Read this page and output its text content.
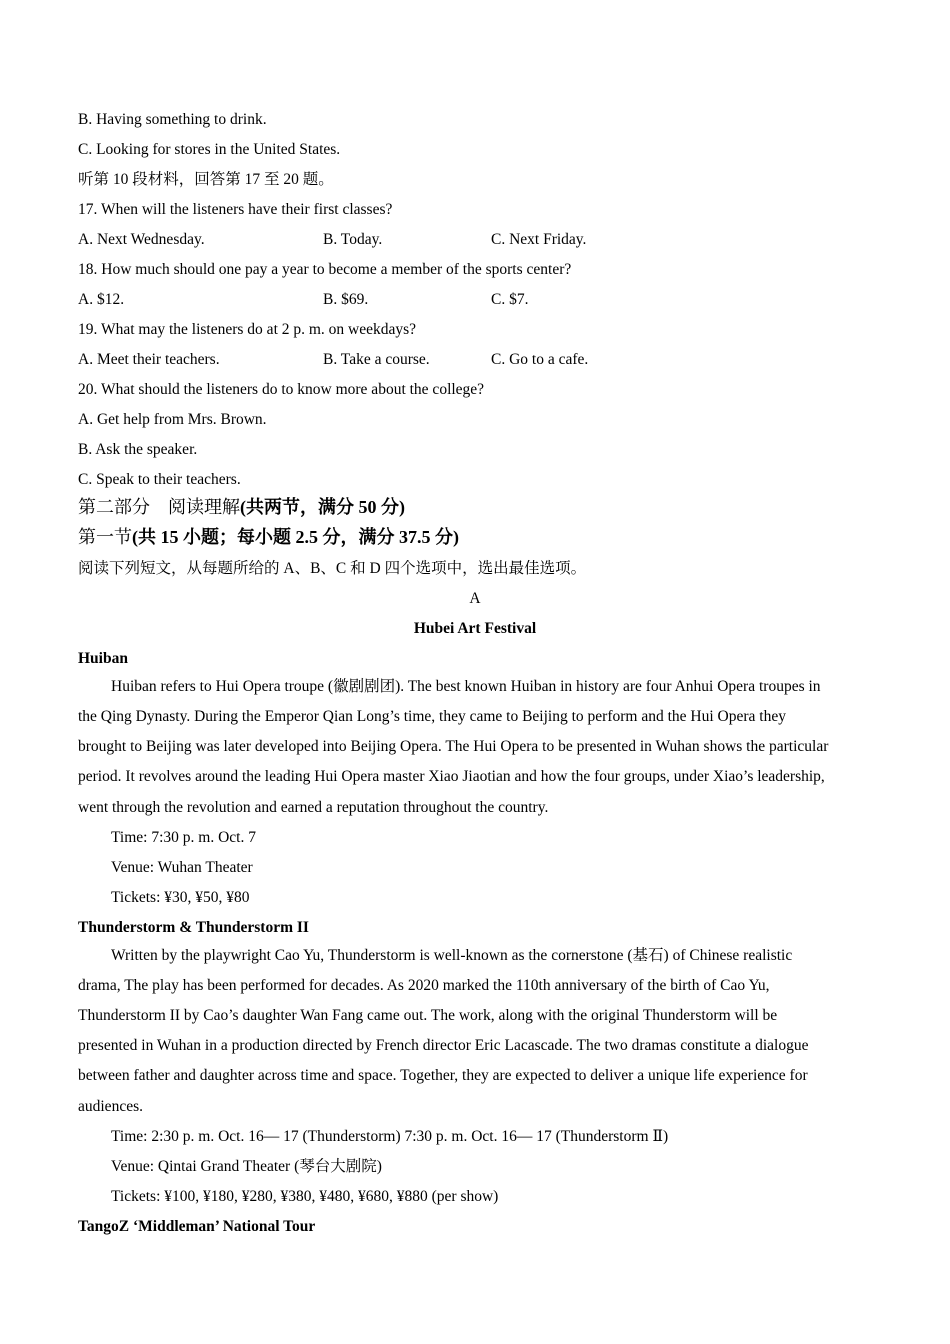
B. Having something to drink.
C. Looking for stores in the United States.
听第 10 段材料，回答第 17 至 20 题。
17. When will the listeners have their first classes?
A. Next Wednesday.	B. Today.	C. Next Friday.
18. How much should one pay a year to become a member of the sports center?
A. $12.	B. $69.	C. $7.
19. What may the listeners do at 2 p. m. on weekdays?
A. Meet their teachers.	B. Take a course.	C. Go to a cafe.
20. What should the listeners do to know more about the college?
A. Get help from Mrs. Brown.
B. Ask the speaker.
C. Speak to their teachers.
第二部分　阅读理解(共两节，满分 50 分)
第一节(共 15 小题；每小题 2.5 分，满分 37.5 分)
阅读下列短文，从每题所给的 A、B、C 和 D 四个选项中，选出最佳选项。
A
Hubei Art Festival
Huiban
Huiban refers to Hui Opera troupe (徽剧剧团). The best known Huiban in history are four Anhui Opera troupes in
the Qing Dynasty. During the Emperor Qian Long’s time, they came to Beijing to perform and the Hui Opera they
brought to Beijing was later developed into Beijing Opera. The Hui Opera to be presented in Wuhan shows the particular
period. It revolves around the leading Hui Opera master Xiao Jiaotian and how the four groups, under Xiao’s leadership,
went through the revolution and earned a reputation throughout the country.
Time: 7:30 p. m. Oct. 7
Venue: Wuhan Theater
Tickets: ¥30, ¥50, ¥80
Thunderstorm & Thunderstorm II
Written by the playwright Cao Yu, Thunderstorm is well-known as the cornerstone (基石) of Chinese realistic
drama, The play has been performed for decades. As 2020 marked the 110th anniversary of the birth of Cao Yu,
Thunderstorm II by Cao’s daughter Wan Fang came out. The work, along with the original Thunderstorm will be
presented in Wuhan in a production directed by French director Eric Lacascade. The two dramas constitute a dialogue
between father and daughter across time and space. Together, they are expected to deliver a unique life experience for
audiences.
Time: 2:30 p. m. Oct. 16— 17 (Thunderstorm) 7:30 p. m. Oct. 16— 17 (Thunderstorm Ⅱ)
Venue: Qintai Grand Theater (琴台大剧院)
Tickets: ¥100, ¥180, ¥280, ¥380, ¥480, ¥680, ¥880 (per show)
TangoZ ‘Middleman’ National Tour
